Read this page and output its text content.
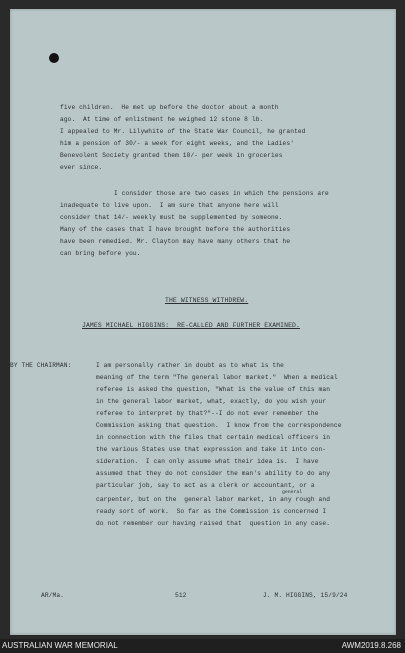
five children.  He met up before the doctor about a month
ago.  At time of enlistment he weighed 12 stone 8 lb.
I appealed to Mr. Lilywhite of the State War Council, he granted
him a pension of 30/- a week for eight weeks, and the Ladies'
Benevolent Society granted them 10/- per week in groceries
ever since.
I consider those are two cases in which the pensions are
inadequate to live upon.  I am sure that anyone here will
consider that 14/- weekly must be supplemented by someone.
Many of the cases that I have brought before the authorities
have been remedied. Mr. Clayton may have many others that he
can bring before you.
THE WITNESS WITHDREW.
JAMES MICHAEL HIGGINS:  RE-CALLED AND FURTHER EXAMINED.
BY THE CHAIRMAN:	I am personally rather in doubt as to what is the
meaning of the term "The general labor market."  When a medical
referee is asked the question, "What is the value of this man
in the general labor market, what, exactly, do you wish your
referee to interpret by that?"--I do not ever remember the
Commission asking that question.  I know from the correspondence
in connection with the files that certain medical officers in
the various States use that expression and take it into con-
sideration.  I can only assume what their idea is.  I have
assumed that they do not consider the man's ability to do any
particular job, say to act as a clerk or accountant, or a
general
carpenter, but on the  general labor market, in any rough and
ready sort of work.  So far as the Commission is concerned I
do not remember our having raised that  question in any case.
AR/Ma.	512	J. M. HIGGINS, 15/9/24
AUSTRALIAN WAR MEMORIAL	AWM2019.8.268
